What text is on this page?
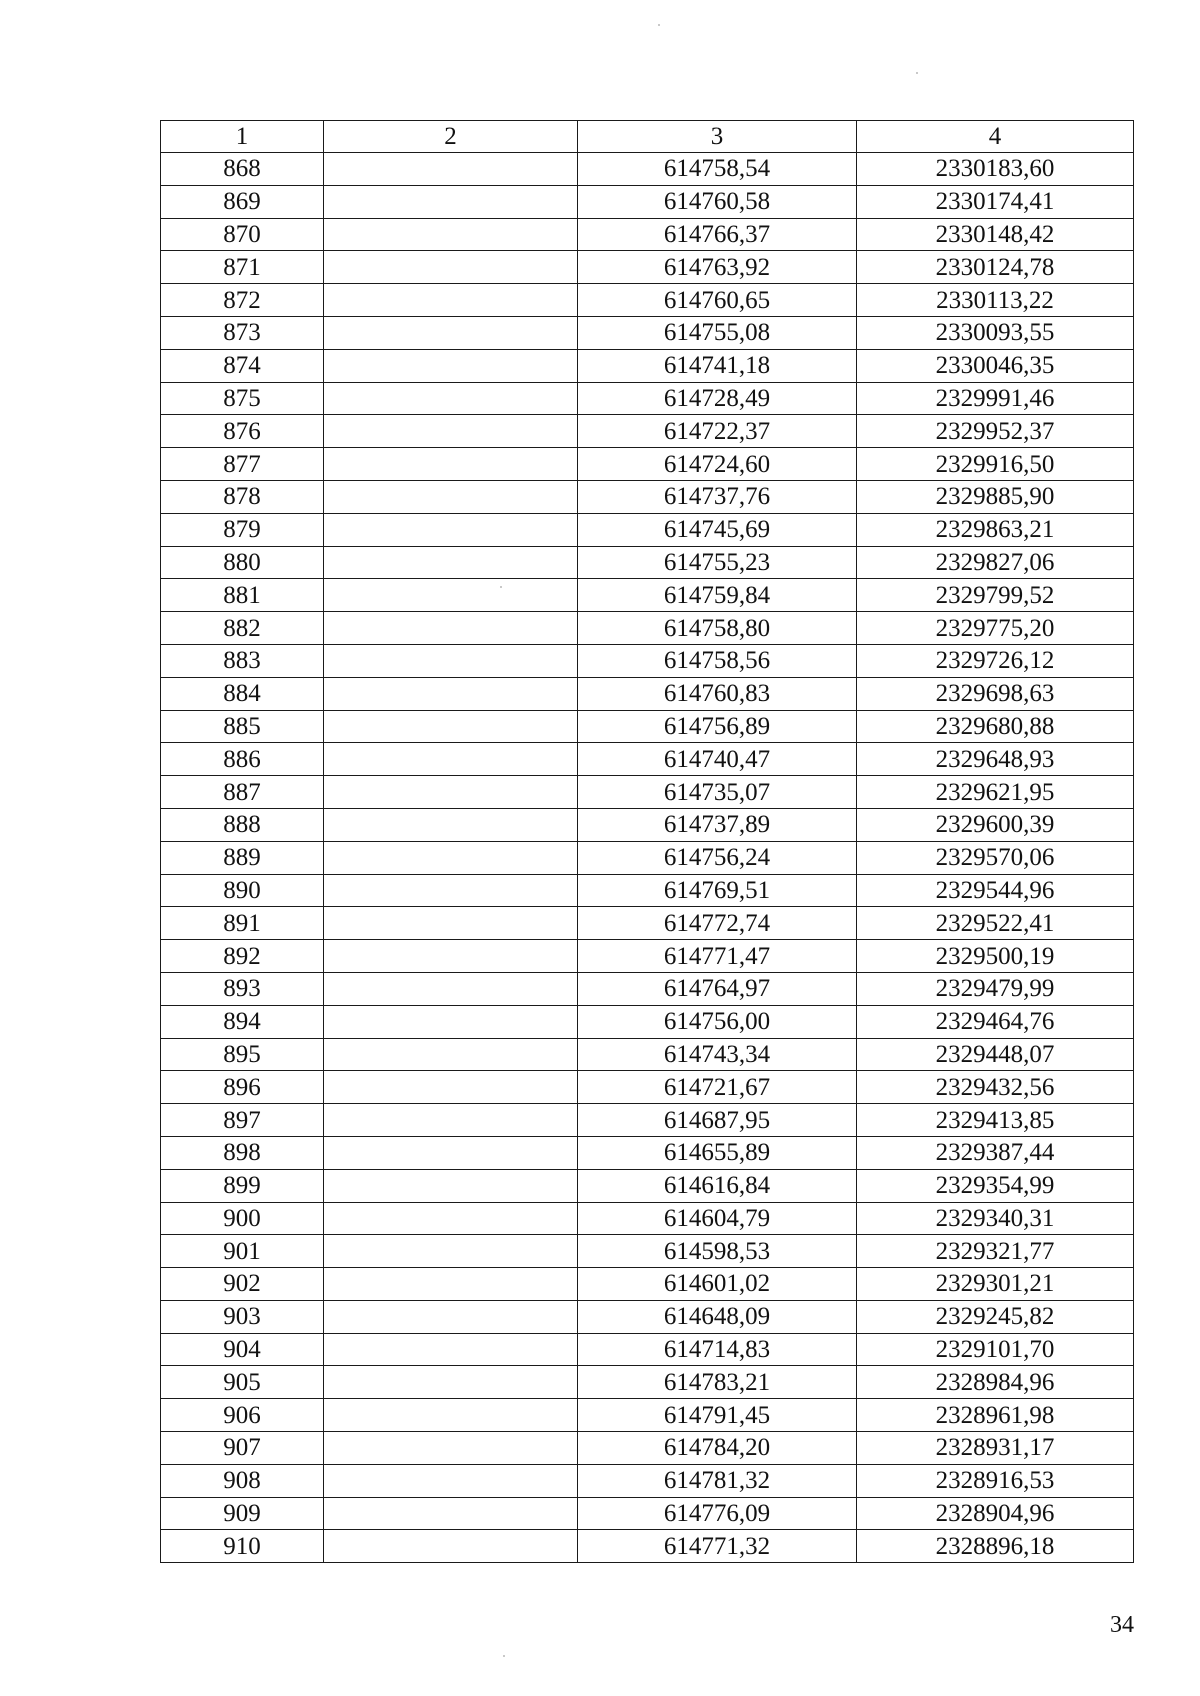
1	2	3	4
868		614758,54	2330183,60
869		614760,58	2330174,41
870		614766,37	2330148,42
871		614763,92	2330124,78
872		614760,65	2330113,22
873		614755,08	2330093,55
874		614741,18	2330046,35
875		614728,49	2329991,46
876		614722,37	2329952,37
877		614724,60	2329916,50
878		614737,76	2329885,90
879		614745,69	2329863,21
880		614755,23	2329827,06
881		614759,84	2329799,52
882		614758,80	2329775,20
883		614758,56	2329726,12
884		614760,83	2329698,63
885		614756,89	2329680,88
886		614740,47	2329648,93
887		614735,07	2329621,95
888		614737,89	2329600,39
889		614756,24	2329570,06
890		614769,51	2329544,96
891		614772,74	2329522,41
892		614771,47	2329500,19
893		614764,97	2329479,99
894		614756,00	2329464,76
895		614743,34	2329448,07
896		614721,67	2329432,56
897		614687,95	2329413,85
898		614655,89	2329387,44
899		614616,84	2329354,99
900		614604,79	2329340,31
901		614598,53	2329321,77
902		614601,02	2329301,21
903		614648,09	2329245,82
904		614714,83	2329101,70
905		614783,21	2328984,96
906		614791,45	2328961,98
907		614784,20	2328931,17
908		614781,32	2328916,53
909		614776,09	2328904,96
910		614771,32	2328896,18
34
